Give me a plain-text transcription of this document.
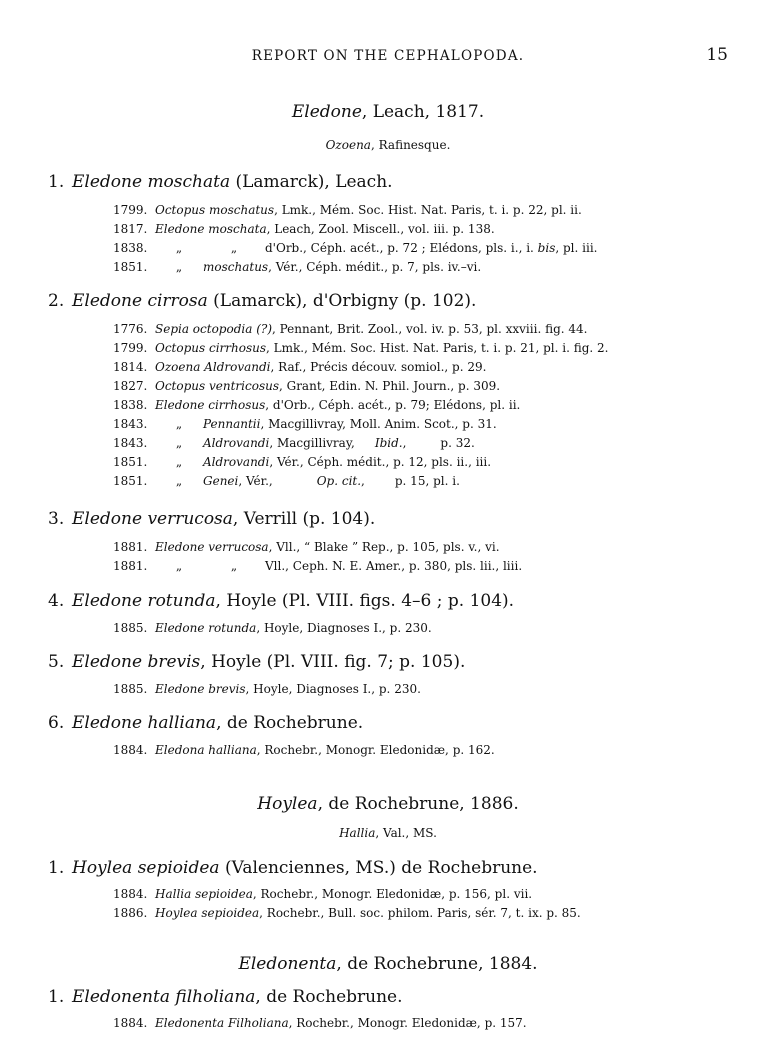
REPORT ON THE CEPHALOPODA.	15
Eledone, Leach, 1817.
Ozoena, Rafinesque.
1. Eledone moschata (Lamarck), Leach.
1799. Octopus moschatus, Lmk., Mém. Soc. Hist. Nat. Paris, t. i. p. 22, pl. ii.
1817. Eledone moschata, Leach, Zool. Miscell., vol. iii. p. 138.
1838. „	„ d'Orb., Céph. acét., p. 72 ; Elédons, pls. i., i. bis, pl. iii.
1851. „ moschatus, Vér., Céph. médit., p. 7, pls. iv.–vi.
2. Eledone cirrosa (Lamarck), d'Orbigny (p. 102).
1776. Sepia octopodia (?), Pennant, Brit. Zool., vol. iv. p. 53, pl. xxviii. fig. 44.
1799. Octopus cirrhosus, Lmk., Mém. Soc. Hist. Nat. Paris, t. i. p. 21, pl. i. fig. 2.
1814. Ozoena Aldrovandi, Raf., Précis découv. somiol., p. 29.
1827. Octopus ventricosus, Grant, Edin. N. Phil. Journ., p. 309.
1838. Eledone cirrhosus, d'Orb., Céph. acét., p. 79; Elédons, pl. ii.
1843. „ Pennantii, Macgillivray, Moll. Anim. Scot., p. 31.
1843. „ Aldrovandi, Macgillivray, Ibid.,	p. 32.
1851. „ Aldrovandi, Vér., Céph. médit., p. 12, pls. ii., iii.
1851. „ Genei, Vér.,	Op. cit.,	p. 15, pl. i.
3. Eledone verrucosa, Verrill (p. 104).
1881. Eledone verrucosa, Vll., “ Blake ” Rep., p. 105, pls. v., vi.
1881. „	„ Vll., Ceph. N. E. Amer., p. 380, pls. lii., liii.
4. Eledone rotunda, Hoyle (Pl. VIII. figs. 4–6 ; p. 104).
1885. Eledone rotunda, Hoyle, Diagnoses I., p. 230.
5. Eledone brevis, Hoyle (Pl. VIII. fig. 7; p. 105).
1885. Eledone brevis, Hoyle, Diagnoses I., p. 230.
6. Eledone halliana, de Rochebrune.
1884. Eledona halliana, Rochebr., Monogr. Eledonidæ, p. 162.
Hoylea, de Rochebrune, 1886.
Hallia, Val., MS.
1. Hoylea sepioidea (Valenciennes, MS.) de Rochebrune.
1884. Hallia sepioidea, Rochebr., Monogr. Eledonidæ, p. 156, pl. vii.
1886. Hoylea sepioidea, Rochebr., Bull. soc. philom. Paris, sér. 7, t. ix. p. 85.
Eledonenta, de Rochebrune, 1884.
1. Eledonenta filholiana, de Rochebrune.
1884. Eledonenta Filholiana, Rochebr., Monogr. Eledonidæ, p. 157.
